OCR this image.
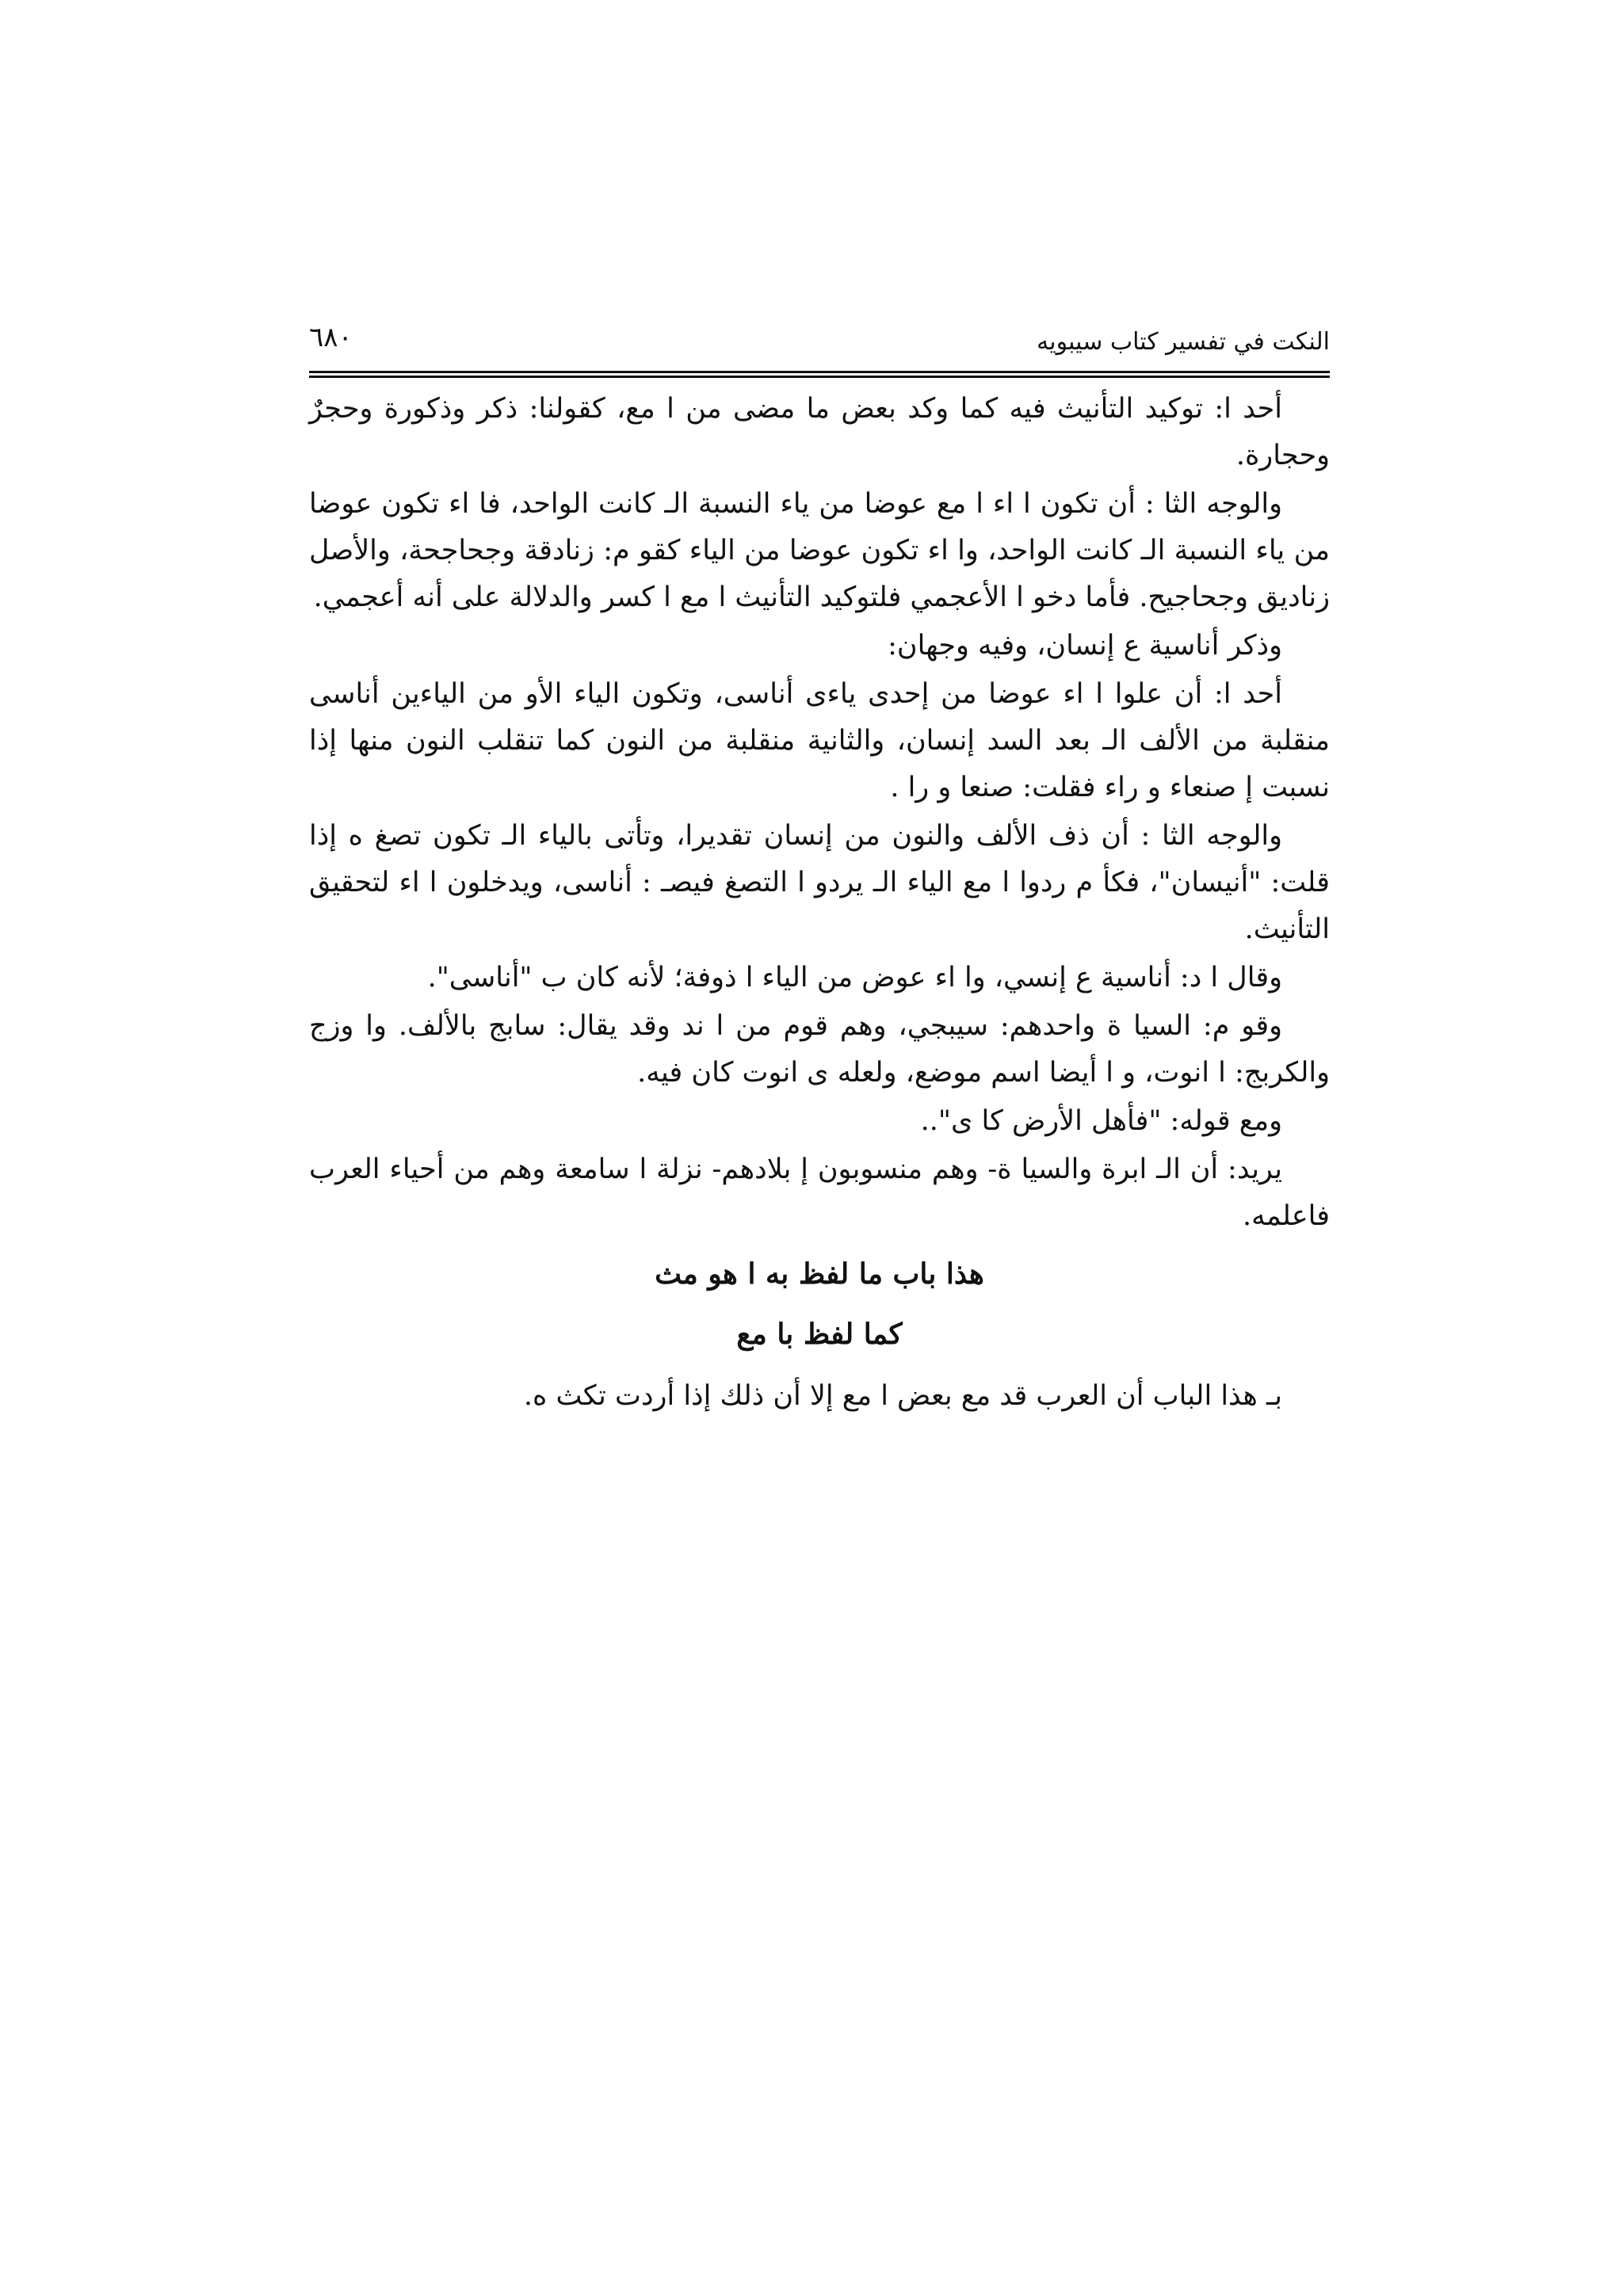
النكت في تفسير كتاب سيبويه
٦٨٠

أحد ا: توكيد التأنيث فيه كما وكد بعض ما مضى من ا مع، كقولنا: ذكر وذكورة وحجرٌ وحجارة.

والوجه الثا : أن تكون ا اء ا مع عوضا من ياء النسبة الـ كانت الواحد، فا اء تكون عوضا من ياء النسبة الـ كانت الواحد، وا اء تكون عوضا من الياء كقو م: زنادقة وجحاجحة، والأصل زناديق وجحاجيح. فأما دخو ا الأعجمي فلتوكيد التأنيث ا مع ا كسر والدلالة على أنه أعجمي.

وذكر أناسية ع إنسان، وفيه وجهان:

أحد ا: أن علوا ا اء عوضا من إحدى ياءى أناسى، وتكون الياء الأو من الياءين أناسى منقلبة من الألف الـ بعد السد إنسان، والثانية منقلبة من النون كما تنقلب النون منها إذا نسبت إ صنعاء و راء فقلت: صنعا و را .

والوجه الثا : أن ذف الألف والنون من إنسان تقديرا، وتأتى بالياء الـ تكون تصغ ه إذا قلت: "أنيسان"، فكأ م ردوا ا مع الياء الـ يردو ا التصغ فيصـ : أناسى، ويدخلون ا اء لتحقيق التأنيث.

وقال ا د: أناسية ع إنسي، وا اء عوض من الياء ا ذوفة؛ لأنه كان ب "أناسى".

وقو م: السيا ة واحدهم: سيبجي، وهم قوم من ا ند وقد يقال: سابج بالألف. وا وزج والكربج: ا انوت، و ا أيضا اسم موضع، ولعله ى انوت كان فيه.

ومع قوله: "فأهل الأرض كا ى"..

يريد: أن الـ ابرة والسيا ة- وهم منسوبون إ بلادهم- نزلة ا سامعة وهم من أحياء العرب فاعلمه.

هذا باب ما لفظ به ا هو مث
كما لفظ با مع

بـ هذا الباب أن العرب قد مع بعض ا مع إلا أن ذلك إذا أردت تكث ه.
